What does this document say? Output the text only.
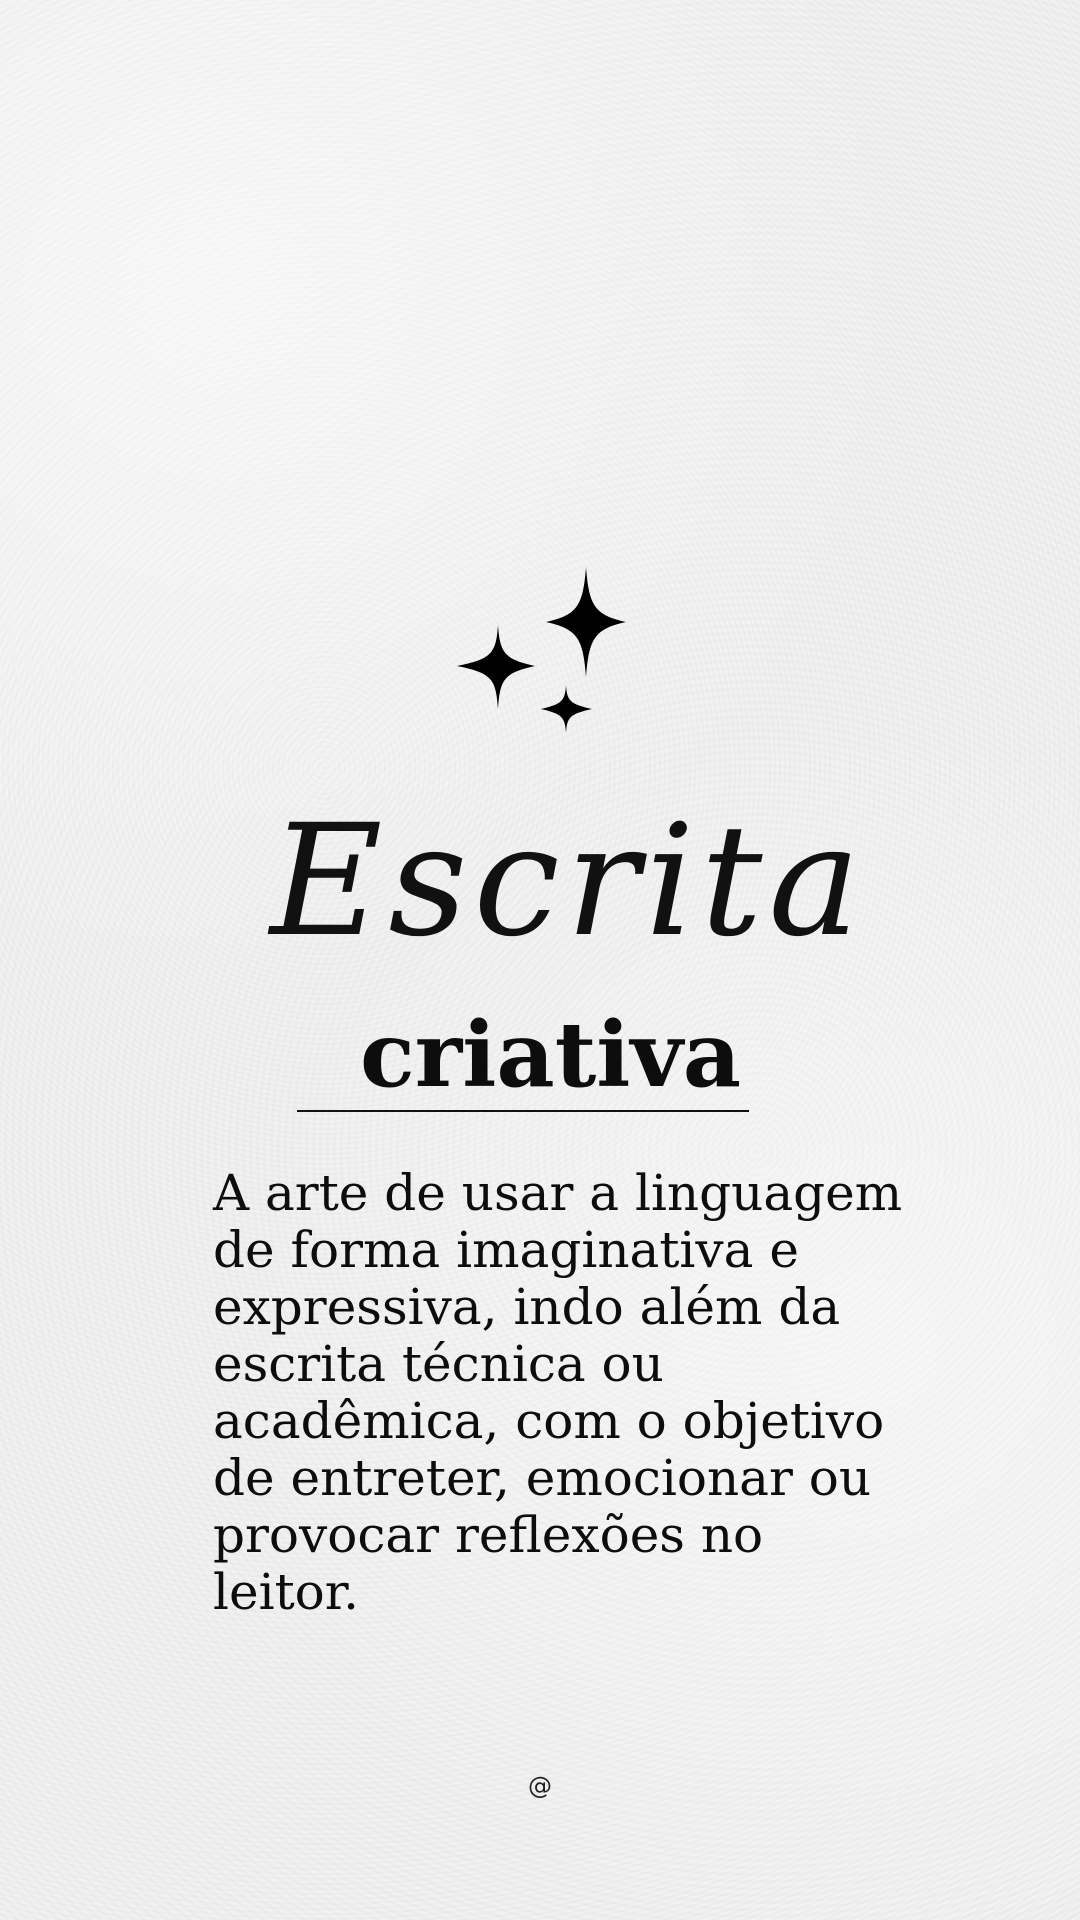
Escrita
criativa

A arte de usar a linguagem de forma imaginativa e expressiva, indo além da escrita técnica ou acadêmica, com o objetivo de entreter, emocionar ou provocar reflexões no leitor.

@
